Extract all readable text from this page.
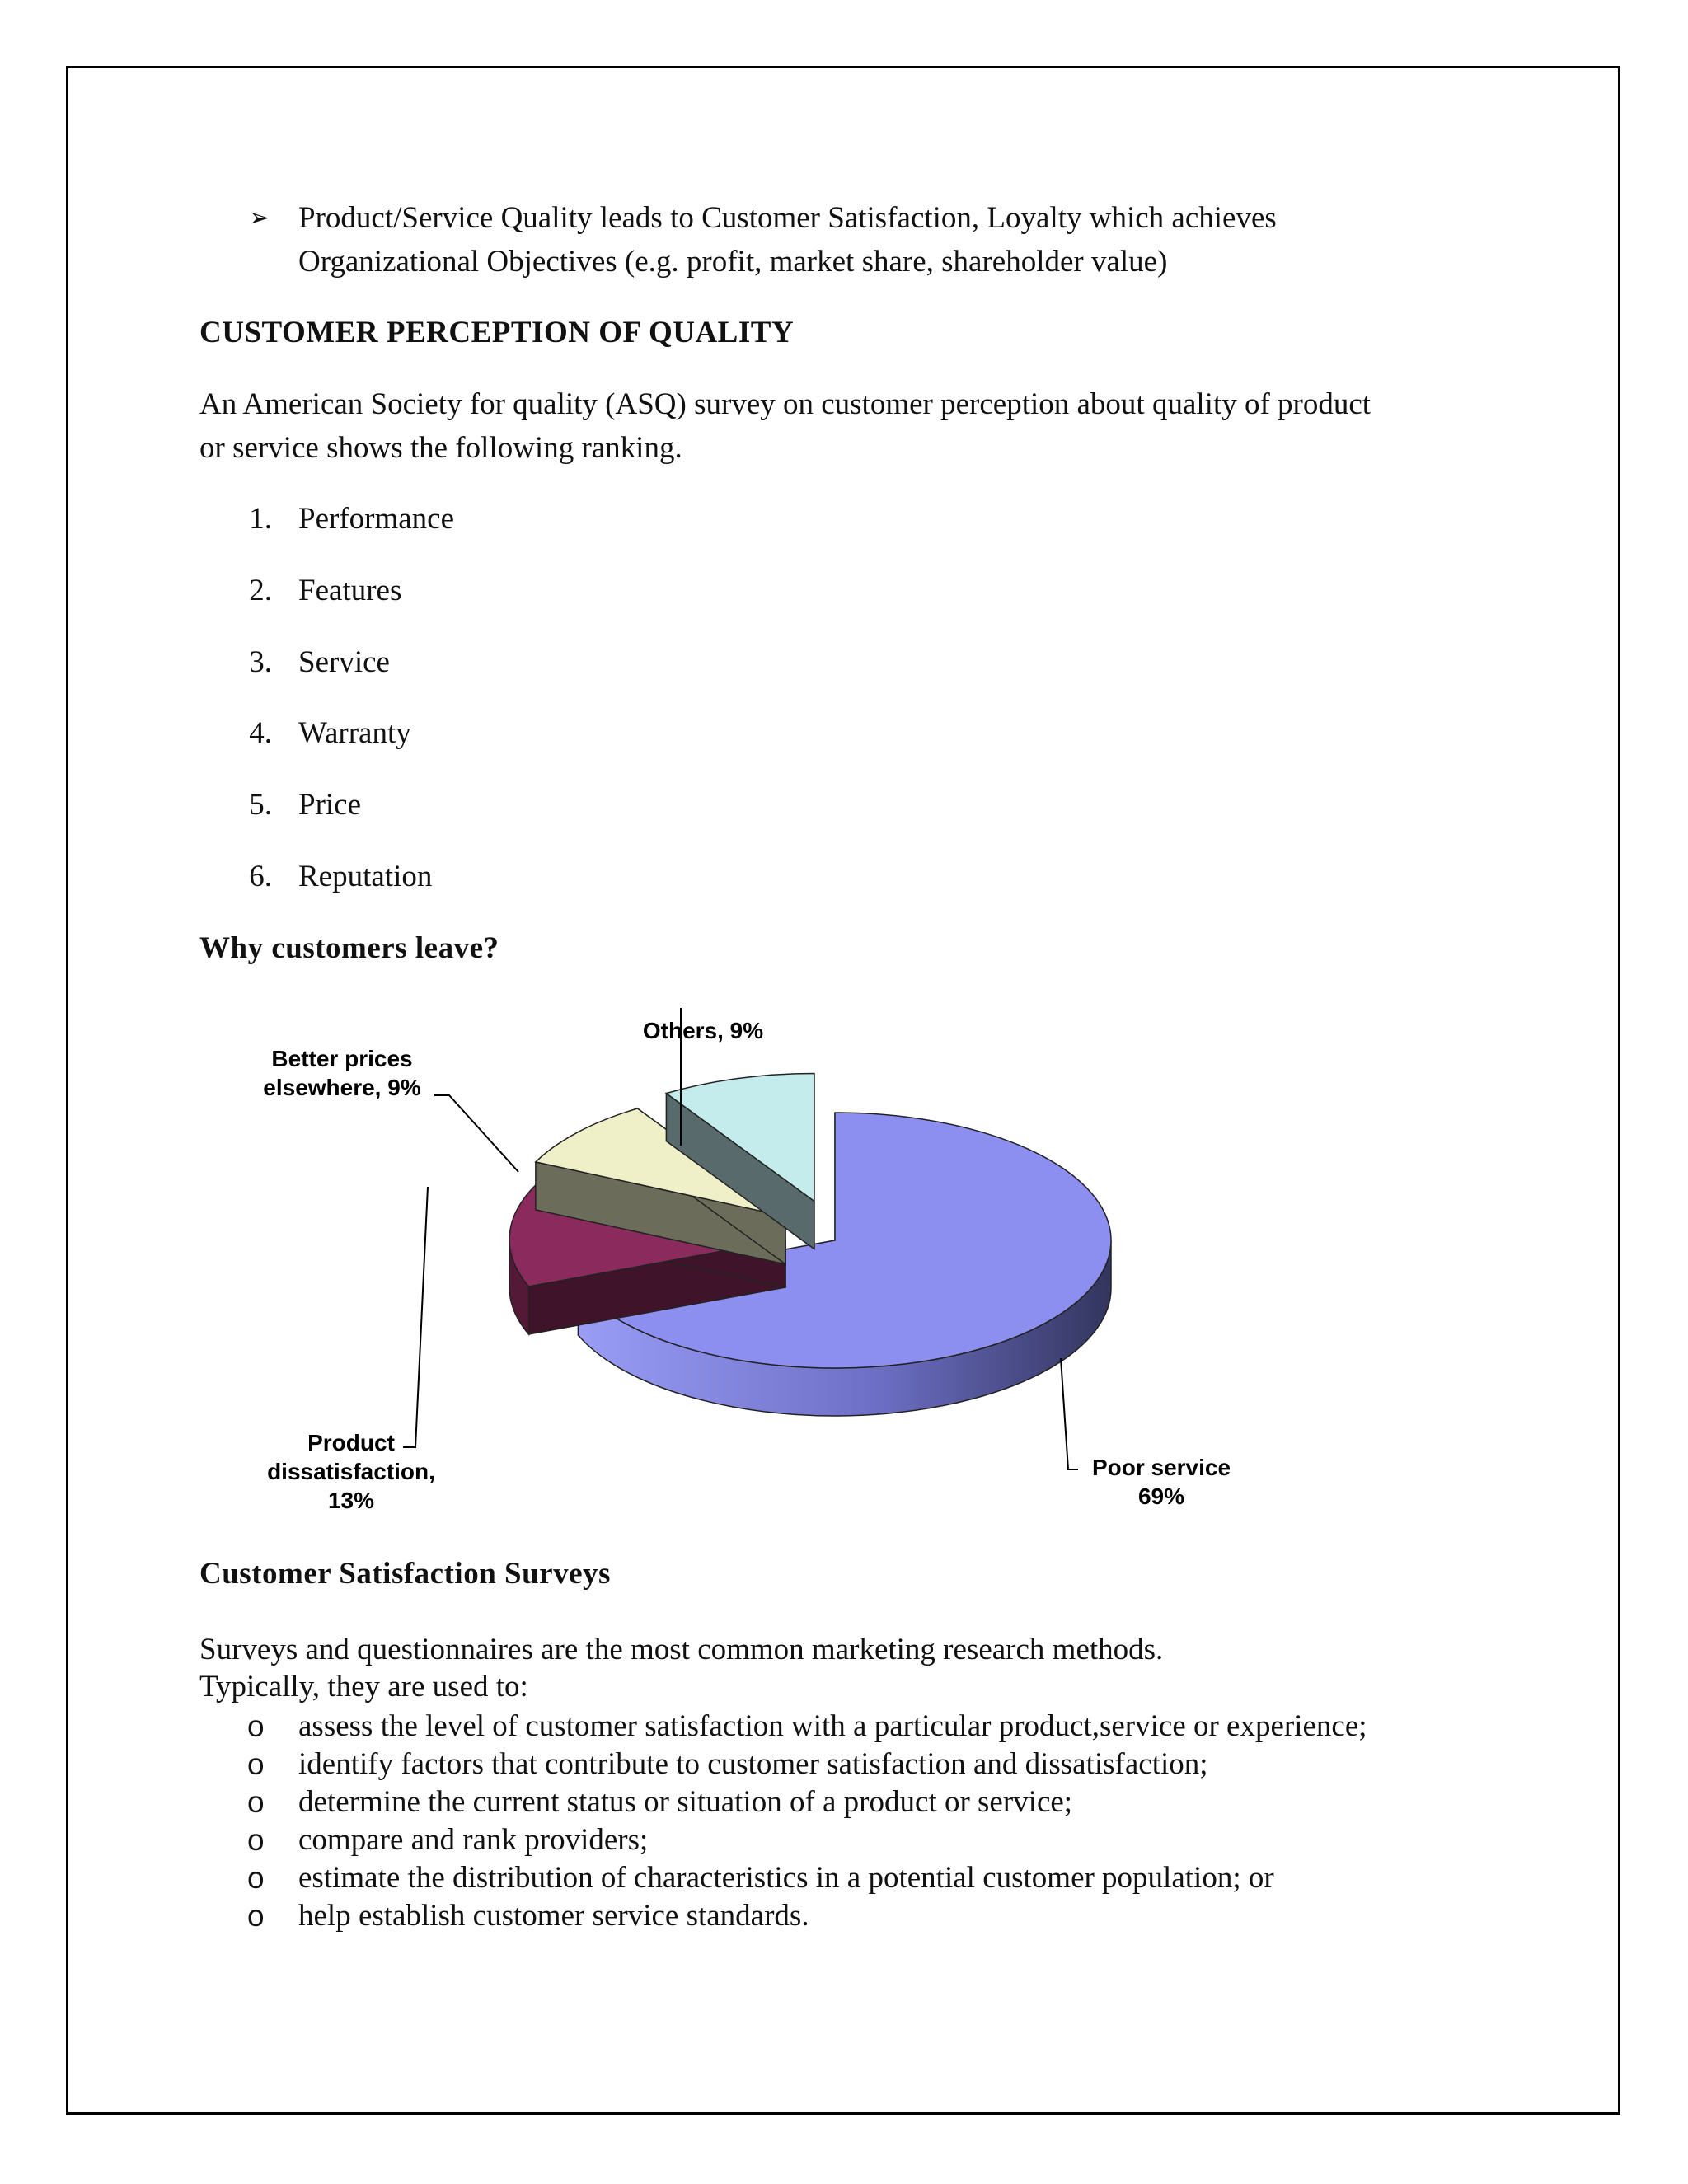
➢ Product/Service Quality leads to Customer Satisfaction, Loyalty which achieves
Organizational Objectives (e.g. profit, market share, shareholder value)
CUSTOMER PERCEPTION OF QUALITY
An American Society for quality (ASQ) survey on customer perception about quality of product
or service shows the following ranking.
1. Performance
2. Features
3. Service
4. Warranty
5. Price
6. Reputation
Why customers leave?
Others, 9%
Better prices
elsewhere, 9%
Product
dissatisfaction,
13%
Poor service
69%
Customer Satisfaction Surveys
Surveys and questionnaires are the most common marketing research methods.
Typically, they are used to:
o assess the level of customer satisfaction with a particular product,service or experience;
o identify factors that contribute to customer satisfaction and dissatisfaction;
o determine the current status or situation of a product or service;
o compare and rank providers;
o estimate the distribution of characteristics in a potential customer population; or
o help establish customer service standards.
